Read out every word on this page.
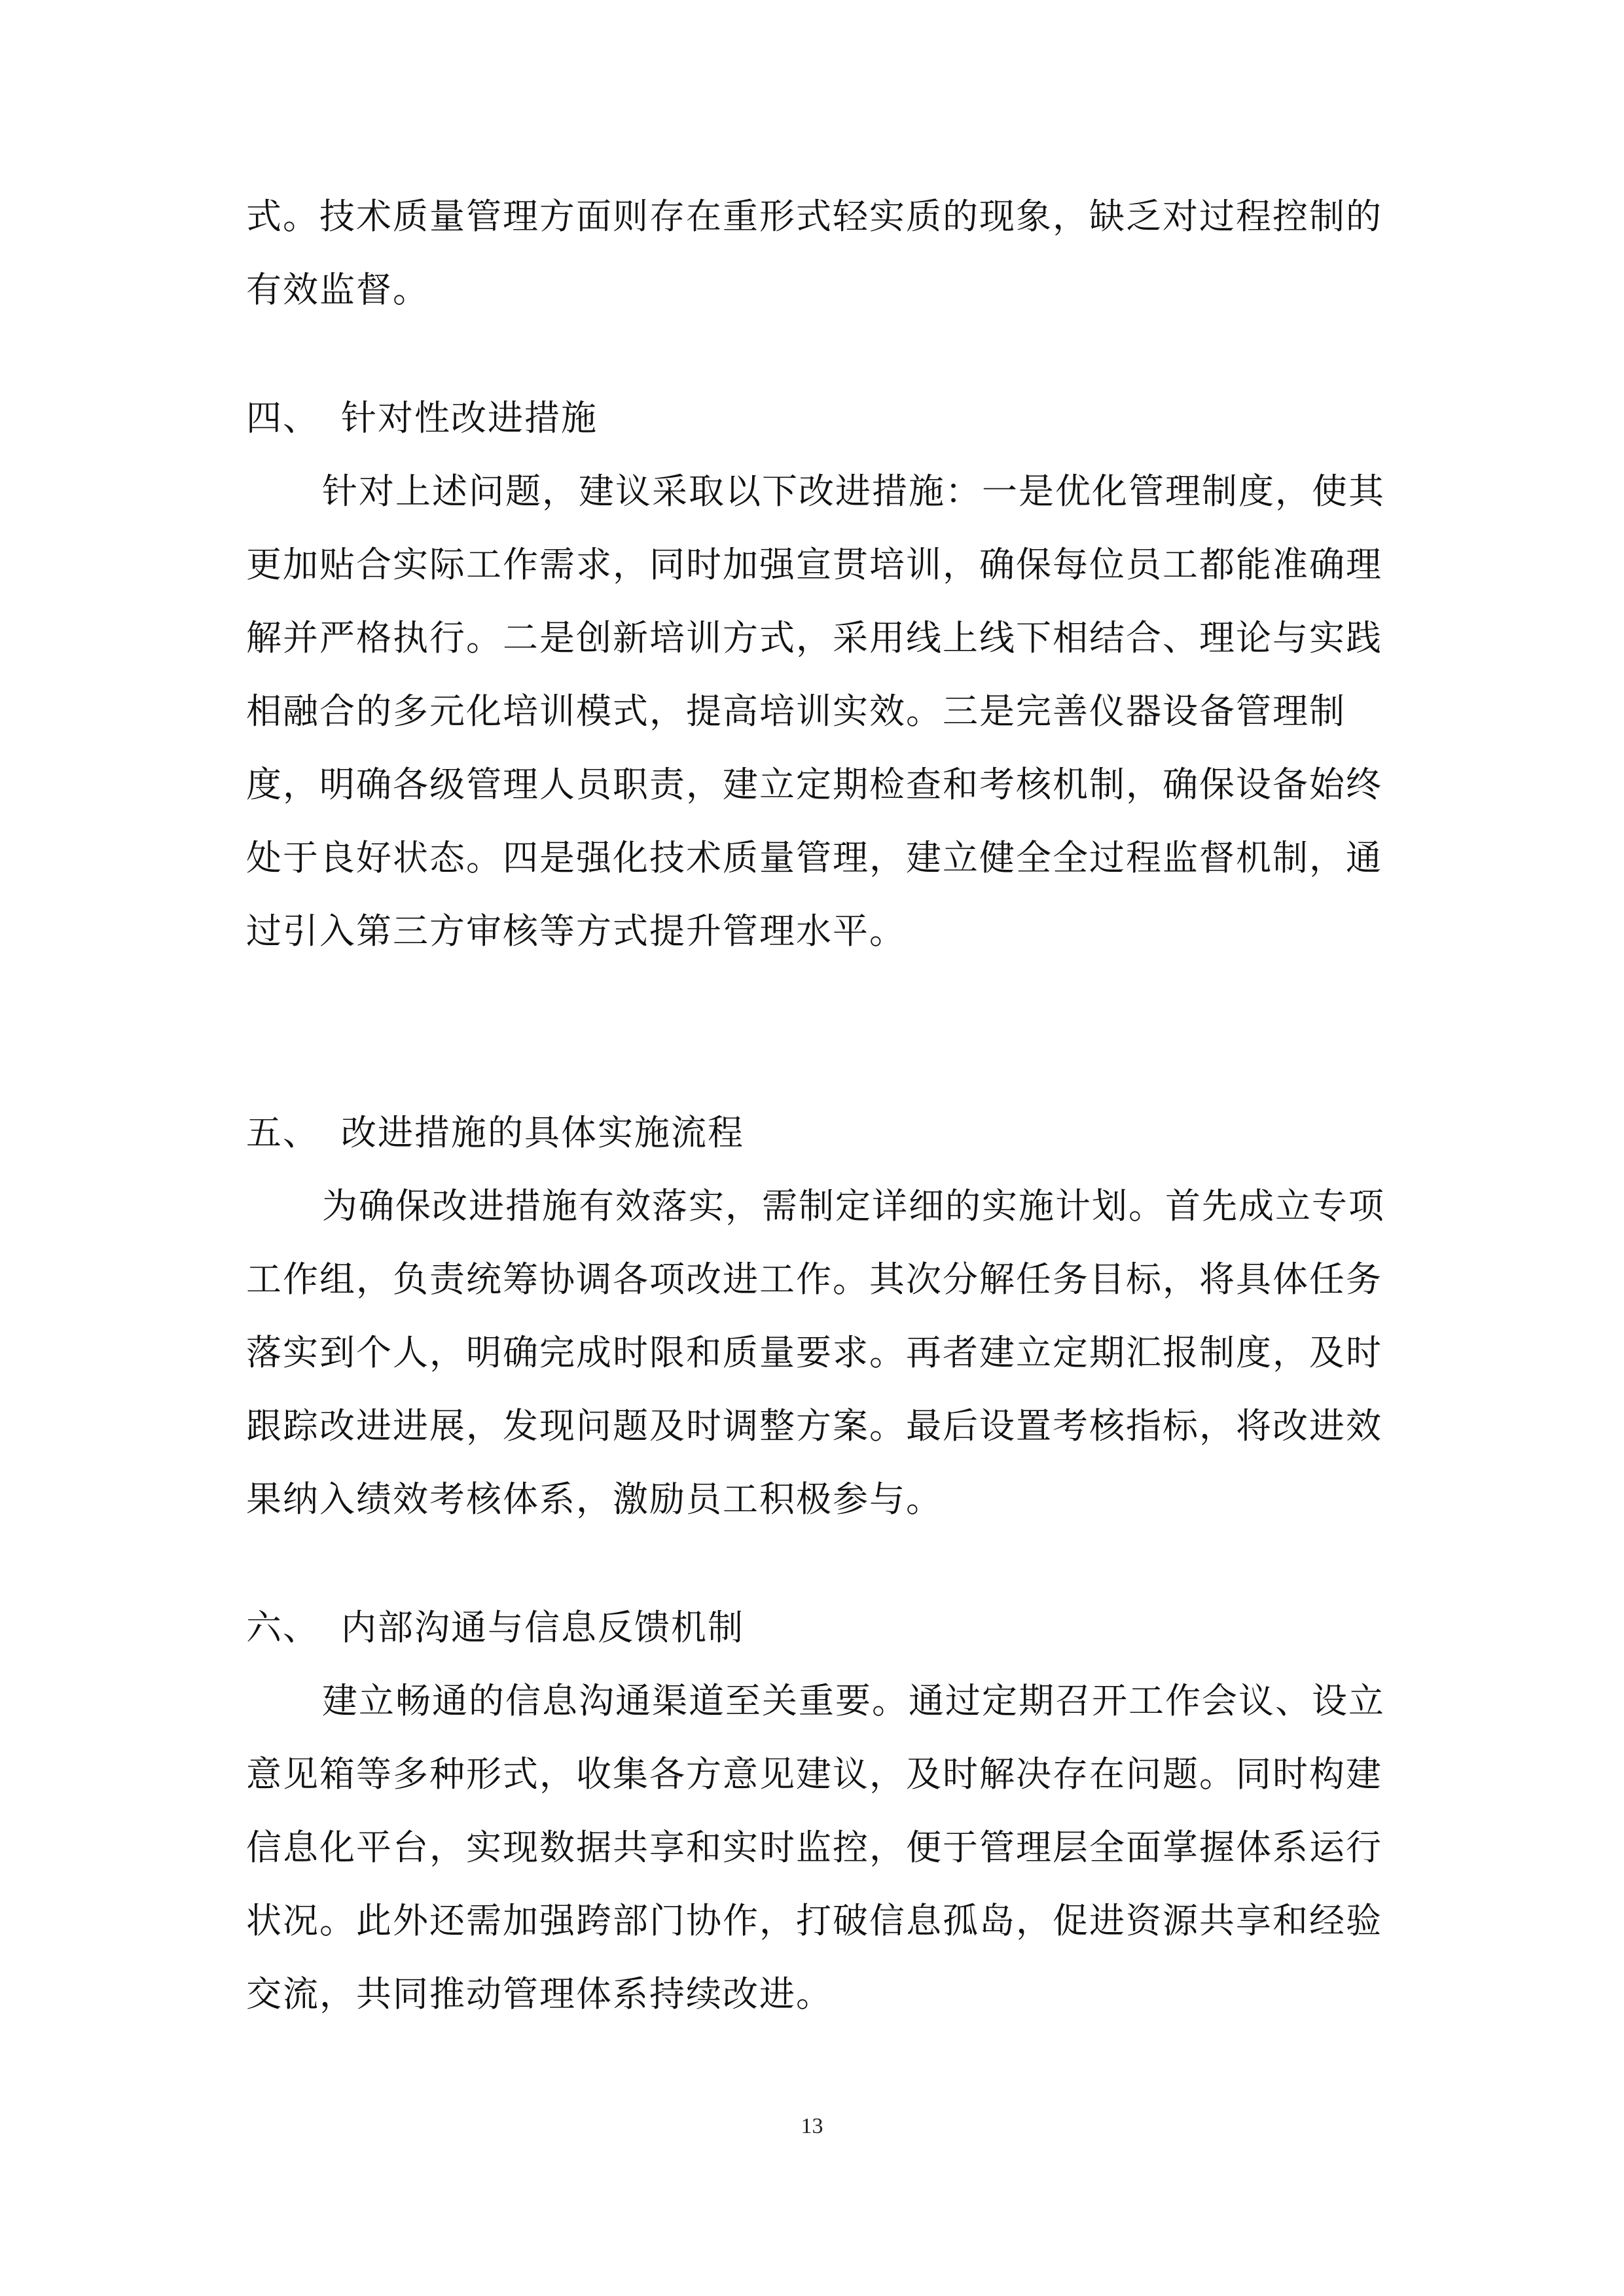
式。技术质量管理方面则存在重形式轻实质的现象，缺乏对过程控制的有效监督。

四、 针对性改进措施

针对上述问题，建议采取以下改进措施：一是优化管理制度，使其更加贴合实际工作需求，同时加强宣贯培训，确保每位员工都能准确理解并严格执行。二是创新培训方式，采用线上线下相结合、理论与实践相融合的多元化培训模式，提高培训实效。三是完善仪器设备管理制度，明确各级管理人员职责，建立定期检查和考核机制，确保设备始终处于良好状态。四是强化技术质量管理，建立健全全过程监督机制，通过引入第三方审核等方式提升管理水平。

五、 改进措施的具体实施流程

为确保改进措施有效落实，需制定详细的实施计划。首先成立专项工作组，负责统筹协调各项改进工作。其次分解任务目标，将具体任务落实到个人，明确完成时限和质量要求。再者建立定期汇报制度，及时跟踪改进进展，发现问题及时调整方案。最后设置考核指标，将改进效果纳入绩效考核体系，激励员工积极参与。

六、 内部沟通与信息反馈机制

建立畅通的信息沟通渠道至关重要。通过定期召开工作会议、设立意见箱等多种形式，收集各方意见建议，及时解决存在问题。同时构建信息化平台，实现数据共享和实时监控，便于管理层全面掌握体系运行状况。此外还需加强跨部门协作，打破信息孤岛，促进资源共享和经验交流，共同推动管理体系持续改进。

13
